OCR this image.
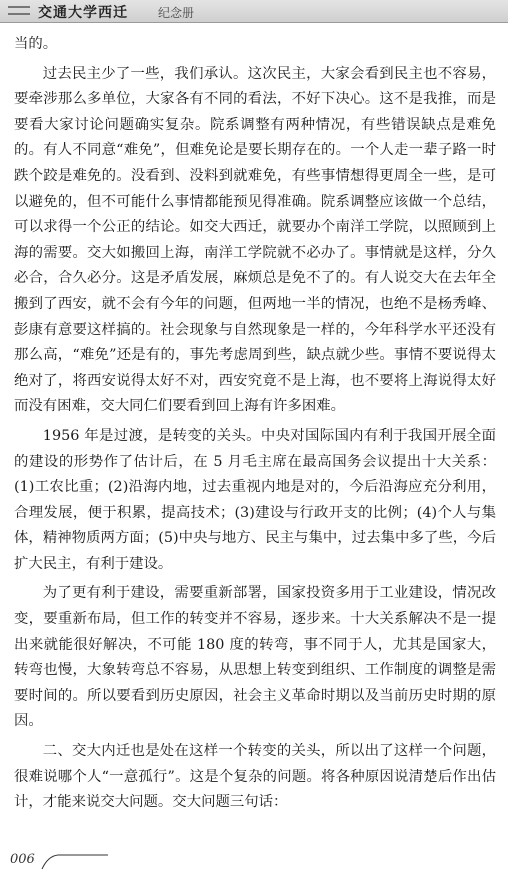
交通大学西迁	纪念册

当的。

过去民主少了一些，我们承认。这次民主，大家会看到民主也不容易，要牵涉那么多单位，大家各有不同的看法，不好下决心。这不是我推，而是要看大家讨论问题确实复杂。院系调整有两种情况，有些错误缺点是难免的。有人不同意“难免”，但难免论是要长期存在的。一个人走一辈子路一时跌个跤是难免的。没看到、没料到就难免，有些事情想得更周全一些，是可以避免的，但不可能什么事情都能预见得准确。院系调整应该做一个总结，可以求得一个公正的结论。如交大西迁，就要办个南洋工学院，以照顾到上海的需要。交大如搬回上海，南洋工学院就不必办了。事情就是这样，分久必合，合久必分。这是矛盾发展，麻烦总是免不了的。有人说交大在去年全搬到了西安，就不会有今年的问题，但两地一半的情况，也绝不是杨秀峰、彭康有意要这样搞的。社会现象与自然现象是一样的，今年科学水平还没有那么高，“难免”还是有的，事先考虑周到些，缺点就少些。事情不要说得太绝对了，将西安说得太好不对，西安究竟不是上海，也不要将上海说得太好而没有困难，交大同仁们要看到回上海有许多困难。

1956 年是过渡，是转变的关头。中央对国际国内有利于我国开展全面的建设的形势作了估计后，在 5 月毛主席在最高国务会议提出十大关系：(1)工农比重；(2)沿海内地，过去重视内地是对的，今后沿海应充分利用，合理发展，便于积累，提高技术；(3)建设与行政开支的比例；(4)个人与集体，精神物质两方面；(5)中央与地方、民主与集中，过去集中多了些，今后扩大民主，有利于建设。

为了更有利于建设，需要重新部署，国家投资多用于工业建设，情况改变，要重新布局，但工作的转变并不容易，逐步来。十大关系解决不是一提出来就能很好解决，不可能 180 度的转弯，事不同于人，尤其是国家大，转弯也慢，大象转弯总不容易，从思想上转变到组织、工作制度的调整是需要时间的。所以要看到历史原因，社会主义革命时期以及当前历史时期的原因。

二、交大内迁也是处在这样一个转变的关头，所以出了这样一个问题，很难说哪个人“一意孤行”。这是个复杂的问题。将各种原因说清楚后作出估计，才能来说交大问题。交大问题三句话：

006
